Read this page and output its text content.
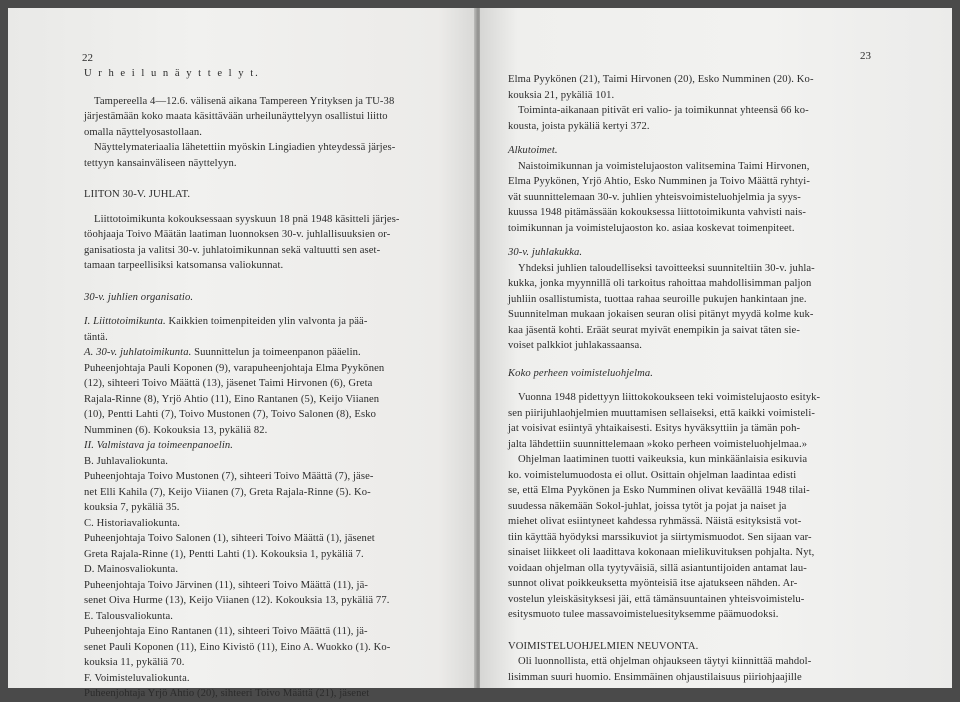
22	23
U r h e i l u n ä y t t e l y t.
Tampereella 4—12.6. välisenä aikana Tampereen Yrityksen ja TU-38
järjestämään koko maata käsittävään urheilunäyttelyyn osallistui liitto
omalla näyttelyosastollaan.
Näyttelymateriaalia lähetettiin myöskin Lingiadien yhteydessä järjes-
tettyyn kansainväliseen näyttelyyn.
LIITON 30-V. JUHLAT.
Liittotoimikunta kokouksessaan syyskuun 18 pnä 1948 käsitteli järjes-
töohjaaja Toivo Määtän laatiman luonnoksen 30-v. juhlallisuuksien or-
ganisatiosta ja valitsi 30-v. juhlatoimikunnan sekä valtuutti sen aset-
tamaan tarpeellisiksi katsomansa valiokunnat.
30-v. juhlien organisatio.
I. Liittotoimikunta. Kaikkien toimenpiteiden ylin valvonta ja pää-
täntä.
A. 30-v. juhlatoimikunta. Suunnittelun ja toimeenpanon pääelin.
Puheenjohtaja Pauli Koponen (9), varapuheenjohtaja Elma Pyykönen
(12), sihteeri Toivo Määttä (13), jäsenet Taimi Hirvonen (6), Greta
Rajala-Rinne (8), Yrjö Ahtio (11), Eino Rantanen (5), Keijo Viianen
(10), Pentti Lahti (7), Toivo Mustonen (7), Toivo Salonen (8), Esko
Numminen (6). Kokouksia 13, pykäliä 82.
II. Valmistava ja toimeenpanoelin.
B. Juhlavaliokunta.
Puheenjohtaja Toivo Mustonen (7), sihteeri Toivo Määttä (7), jäse-
net Elli Kahila (7), Keijo Viianen (7), Greta Rajala-Rinne (5). Ko-
kouksia 7, pykäliä 35.
C. Historiavaliokunta.
Puheenjohtaja Toivo Salonen (1), sihteeri Toivo Määttä (1), jäsenet
Greta Rajala-Rinne (1), Pentti Lahti (1). Kokouksia 1, pykäliä 7.
D. Mainosvaliokunta.
Puheenjohtaja Toivo Järvinen (11), sihteeri Toivo Määttä (11), jä-
senet Oiva Hurme (13), Keijo Viianen (12). Kokouksia 13, pykäliä 77.
E. Talousvaliokunta.
Puheenjohtaja Eino Rantanen (11), sihteeri Toivo Määttä (11), jä-
senet Pauli Koponen (11), Eino Kivistö (11), Eino A. Wuokko (1). Ko-
kouksia 11, pykäliä 70.
F. Voimisteluvaliokunta.
Puheenjohtaja Yrjö Ahtio (20), sihteeri Toivo Määttä (21), jäsenet
Elma Pyykönen (21), Taimi Hirvonen (20), Esko Numminen (20). Ko-
kouksia 21, pykäliä 101.
Toiminta-aikanaan pitivät eri valio- ja toimikunnat yhteensä 66 ko-
kousta, joista pykäliä kertyi 372.
Alkutoimet.
Naistoimikunnan ja voimistelujaoston valitsemina Taimi Hirvonen,
Elma Pyykönen, Yrjö Ahtio, Esko Numminen ja Toivo Määttä ryhtyi-
vät suunnittelemaan 30-v. juhlien yhteisvoimisteluohjelmia ja syys-
kuussa 1948 pitämässään kokouksessa liittotoimikunta vahvisti nais-
toimikunnan ja voimistelujaoston ko. asiaa koskevat toimenpiteet.
30-v. juhlakukka.
Yhdeksi juhlien taloudelliseksi tavoitteeksi suunniteltiin 30-v. juhla-
kukka, jonka myynnillä oli tarkoitus rahoittaa mahdollisimman paljon
juhliin osallistumista, tuottaa rahaa seuroille pukujen hankintaan jne.
Suunnitelman mukaan jokaisen seuran olisi pitänyt myydä kolme kuk-
kaa jäsentä kohti. Eräät seurat myivät enempikin ja saivat täten sie-
voiset palkkiot juhlakassaansa.
Koko perheen voimisteluohjelma.
Vuonna 1948 pidettyyn liittokokoukseen teki voimistelujaosto esityk-
sen piirijuhlaohjelmien muuttamisen sellaiseksi, että kaikki voimisteli-
jat voisivat esiintyä yhtaikaisesti. Esitys hyväksyttiin ja tämän poh-
jalta lähdettiin suunnittelemaan »koko perheen voimisteluohjelmaa.»
Ohjelman laatiminen tuotti vaikeuksia, kun minkäänlaisia esikuvia
ko. voimistelumuodosta ei ollut. Osittain ohjelman laadintaa edisti
se, että Elma Pyykönen ja Esko Numminen olivat keväällä 1948 tilai-
suudessa näkemään Sokol-juhlat, joissa tytöt ja pojat ja naiset ja
miehet olivat esiintyneet kahdessa ryhmässä. Näistä esityksistä vot-
tiin käyttää hyödyksi marssikuviot ja siirtymismuodot. Sen sijaan var-
sinaiset liikkeet oli laadittava kokonaan mielikuvituksen pohjalta. Nyt,
voidaan ohjelman olla tyytyväisiä, sillä asiantuntijoiden antamat lau-
sunnot olivat poikkeuksetta myönteisiä itse ajatukseen nähden. Ar-
vostelun yleiskäsityksesi jäi, että tämänsuuntainen yhteisvoimistelu-
esitysmuoto tulee massavoimisteluesityksemme päämuodoksi.
VOIMISTELUOHJELMIEN NEUVONTA.
Oli luonnollista, että ohjelman ohjaukseen täytyi kiinnittää mahdol-
lisimman suuri huomio. Ensimmäinen ohjaustilaisuus piiriohjaajille
